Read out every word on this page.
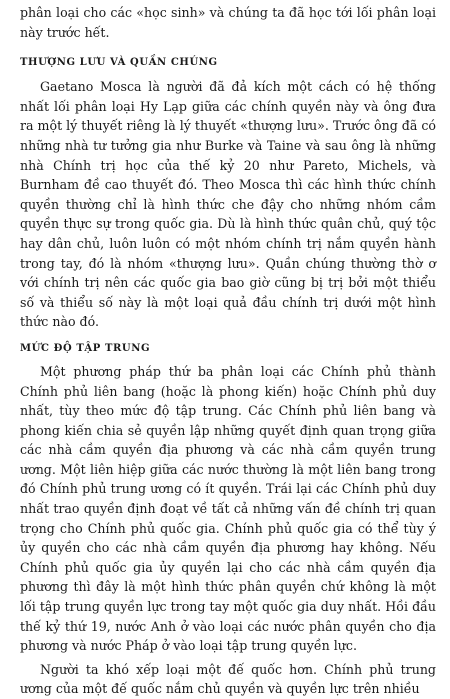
phân loại cho các «học sinh» và chúng ta đã học tới lối phân loại này trước hết.

THƯỢNG LƯU VÀ QUẦN CHÚNG

Gaetano Mosca là người đã đả kích một cách có hệ thống nhất lối phân loại Hy Lạp giữa các chính quyền này và ông đưa ra một lý thuyết riêng là lý thuyết «thượng lưu». Trước ông đã có những nhà tư tưởng gia như Burke và Taine và sau ông là những nhà Chính trị học của thế kỷ 20 như Pareto, Michels, và Burnham đề cao thuyết đó. Theo Mosca thì các hình thức chính quyền thường chỉ là hình thức che đậy cho những nhóm cầm quyền thực sự trong quốc gia. Dù là hình thức quân chủ, quý tộc hay dân chủ, luôn luôn có một nhóm chính trị nắm quyền hành trong tay, đó là nhóm «thượng lưu». Quần chúng thường thờ ơ với chính trị nên các quốc gia bao giờ cũng bị trị bởi một thiểu số và thiểu số này là một loại quả đầu chính trị dưới một hình thức nào đó.

MỨC ĐỘ TẬP TRUNG

Một phương pháp thứ ba phân loại các Chính phủ thành Chính phủ liên bang (hoặc là phong kiến) hoặc Chính phủ duy nhất, tùy theo mức độ tập trung. Các Chính phủ liên bang và phong kiến chia sẻ quyền lập những quyết định quan trọng giữa các nhà cầm quyền địa phương và các nhà cầm quyền trung ương. Một liên hiệp giữa các nước thường là một liên bang trong đó Chính phủ trung ương có ít quyền. Trái lại các Chính phủ duy nhất trao quyền định đoạt về tất cả những vấn đề chính trị quan trọng cho Chính phủ quốc gia. Chính phủ quốc gia có thể tùy ý ủy quyền cho các nhà cầm quyền địa phương hay không. Nếu Chính phủ quốc gia ủy quyền lại cho các nhà cầm quyền địa phương thì đây là một hình thức phân quyền chứ không là một lối tập trung quyền lực trong tay một quốc gia duy nhất. Hồi đầu thế kỷ thứ 19, nước Anh ở vào loại các nước phân quyền cho địa phương và nước Pháp ở vào loại tập trung quyền lực.

Người ta khó xếp loại một đế quốc hơn. Chính phủ trung ương của một đế quốc nắm chủ quyền và quyền lực trên nhiều
